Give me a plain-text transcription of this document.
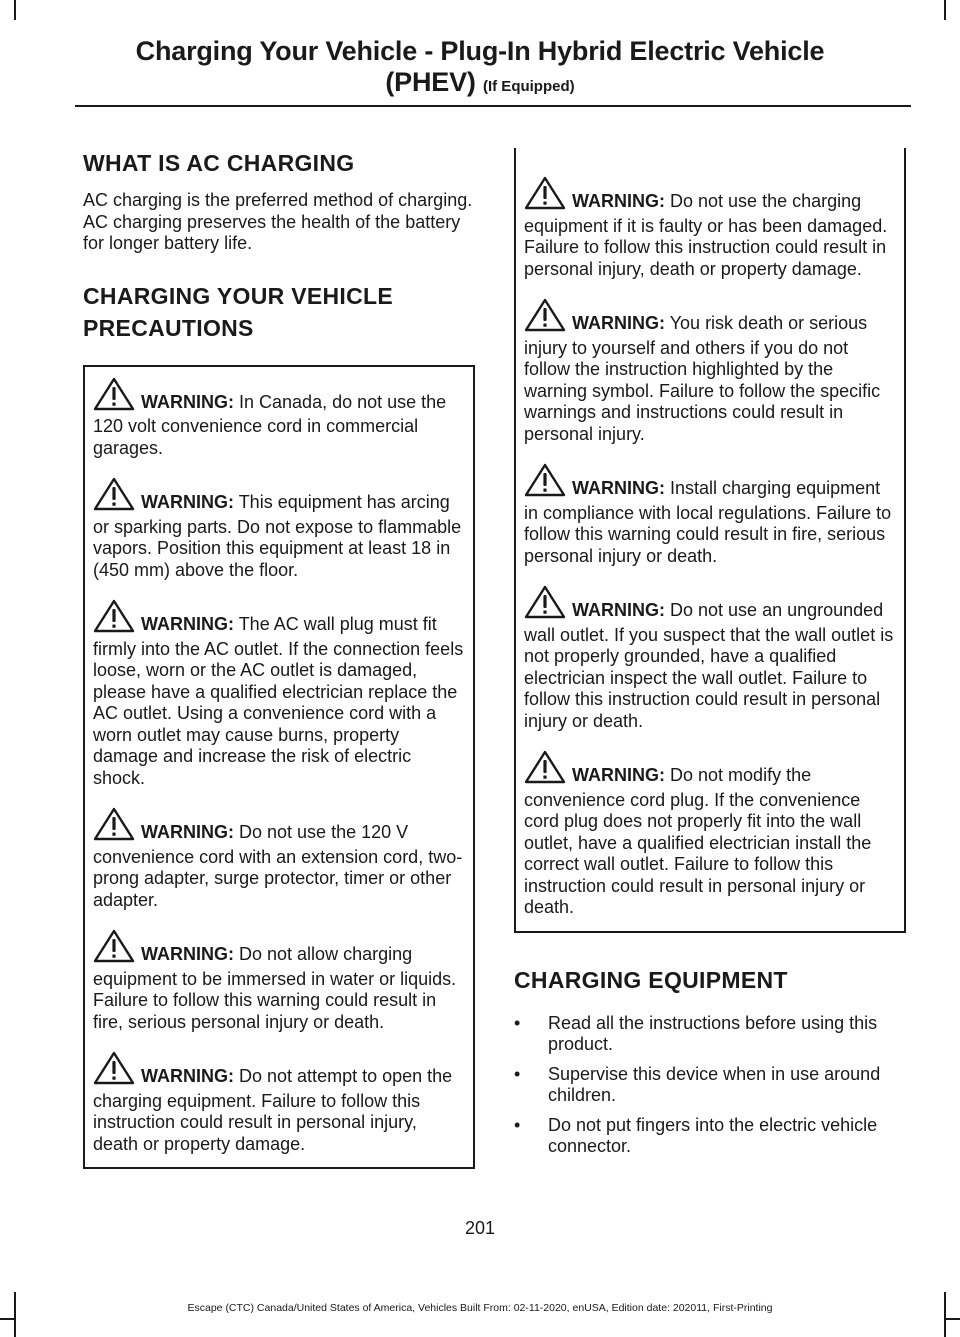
Charging Your Vehicle - Plug-In Hybrid Electric Vehicle
(PHEV) (If Equipped)
WHAT IS AC CHARGING

AC charging is the preferred method of charging. AC charging preserves the health of the battery for longer battery life.

CHARGING YOUR VEHICLE
PRECAUTIONS

WARNING: In Canada, do not use the 120 volt convenience cord in commercial garages.

WARNING: This equipment has arcing or sparking parts. Do not expose to flammable vapors. Position this equipment at least 18 in (450 mm) above the floor.

WARNING: The AC wall plug must fit firmly into the AC outlet. If the connection feels loose, worn or the AC outlet is damaged, please have a qualified electrician replace the AC outlet. Using a convenience cord with a worn outlet may cause burns, property damage and increase the risk of electric shock.

WARNING: Do not use the 120 V convenience cord with an extension cord, two-prong adapter, surge protector, timer or other adapter.

WARNING: Do not allow charging equipment to be immersed in water or liquids. Failure to follow this warning could result in fire, serious personal injury or death.

WARNING: Do not attempt to open the charging equipment. Failure to follow this instruction could result in personal injury, death or property damage.

WARNING: Do not use the charging equipment if it is faulty or has been damaged. Failure to follow this instruction could result in personal injury, death or property damage.

WARNING: You risk death or serious injury to yourself and others if you do not follow the instruction highlighted by the warning symbol. Failure to follow the specific warnings and instructions could result in personal injury.

WARNING: Install charging equipment in compliance with local regulations. Failure to follow this warning could result in fire, serious personal injury or death.

WARNING: Do not use an ungrounded wall outlet. If you suspect that the wall outlet is not properly grounded, have a qualified electrician inspect the wall outlet. Failure to follow this instruction could result in personal injury or death.

WARNING: Do not modify the convenience cord plug. If the convenience cord plug does not properly fit into the wall outlet, have a qualified electrician install the correct wall outlet. Failure to follow this instruction could result in personal injury or death.

CHARGING EQUIPMENT
• Read all the instructions before using this product.
• Supervise this device when in use around children.
• Do not put fingers into the electric vehicle connector.
201
Escape (CTC) Canada/United States of America, Vehicles Built From: 02-11-2020, enUSA, Edition date: 202011, First-Printing
